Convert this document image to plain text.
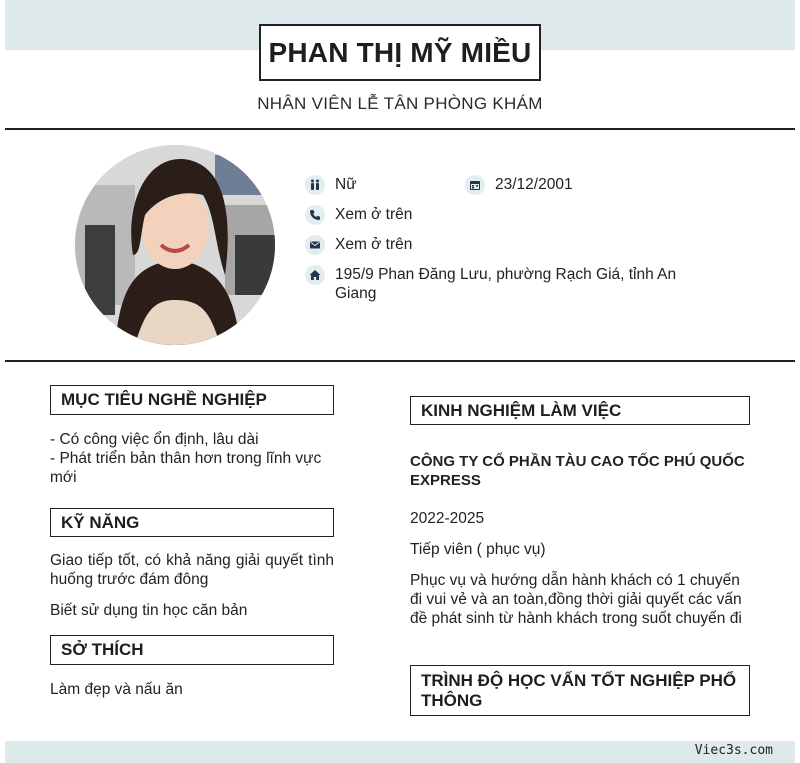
PHAN THỊ MỸ MIỀU
NHÂN VIÊN LỄ TÂN PHÒNG KHÁM
Nữ	23/12/2001
Xem ở trên
Xem ở trên
195/9 Phan Đăng Lưu, phường Rạch Giá, tỉnh An Giang
MỤC TIÊU NGHỀ NGHIỆP
- Có công việc ổn định, lâu dài
- Phát triển bản thân hơn trong lĩnh vực mới
KỸ NĂNG
Giao tiếp tốt, có khả năng giải quyết tình huống trước đám đông
Biết sử dụng tin học căn bản
SỞ THÍCH
Làm đẹp và nấu ăn
KINH NGHIỆM LÀM VIỆC
CÔNG TY CỔ PHẦN TÀU CAO TỐC PHÚ QUỐC EXPRESS
2022-2025
Tiếp viên ( phục vụ)
Phục vụ và hướng dẫn hành khách có 1 chuyến đi vui vẻ và an toàn,đồng thời giải quyết các vấn đề phát sinh từ hành khách trong suốt chuyến đi
TRÌNH ĐỘ HỌC VẤN TỐT NGHIỆP PHỔ THÔNG
Viec3s.com
